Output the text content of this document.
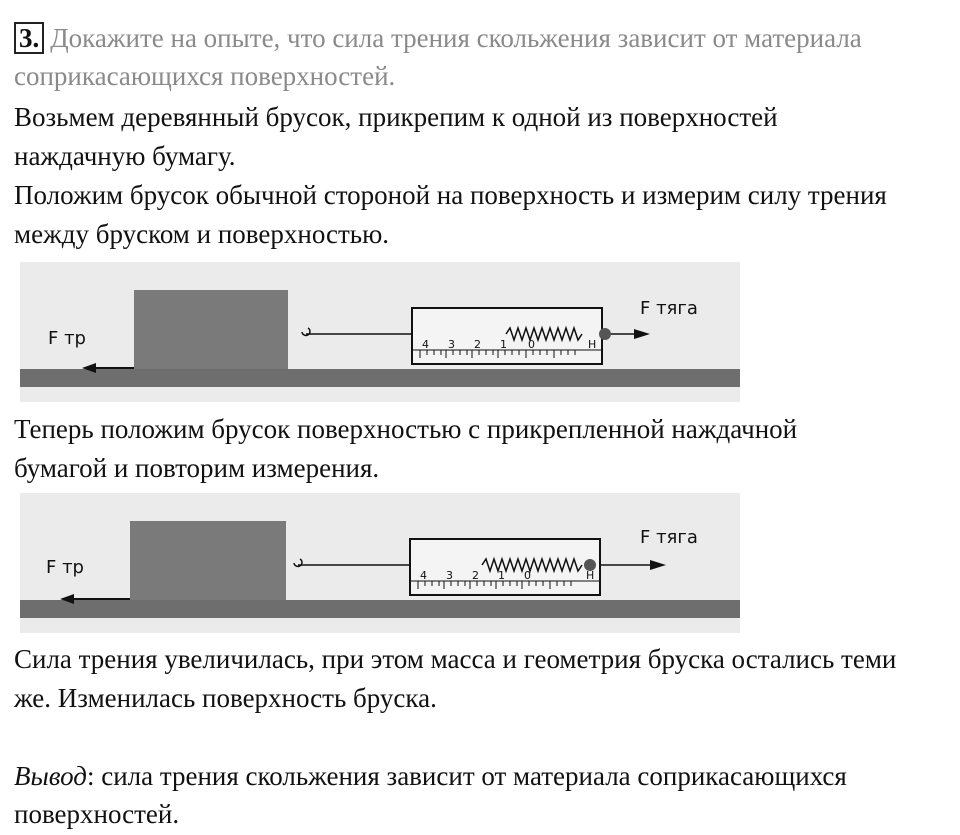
3. Докажите на опыте, что сила трения скольжения зависит от материала
соприкасающихся поверхностей.
Возьмем деревянный брусок, прикрепим к одной из поверхностей
наждачную бумагу.
Положим брусок обычной стороной на поверхность и измерим силу трения
между бруском и поверхностью.
F тр
F тяга
4 3 2 1 0	Н
Теперь положим брусок поверхностью с прикрепленной наждачной
бумагой и повторим измерения.
F тр
F тяга
4 3 2 1 0	Н
Сила трения увеличилась, при этом масса и геометрия бруска остались теми
же. Изменилась поверхность бруска.
Вывод: сила трения скольжения зависит от материала соприкасающихся
поверхностей.
